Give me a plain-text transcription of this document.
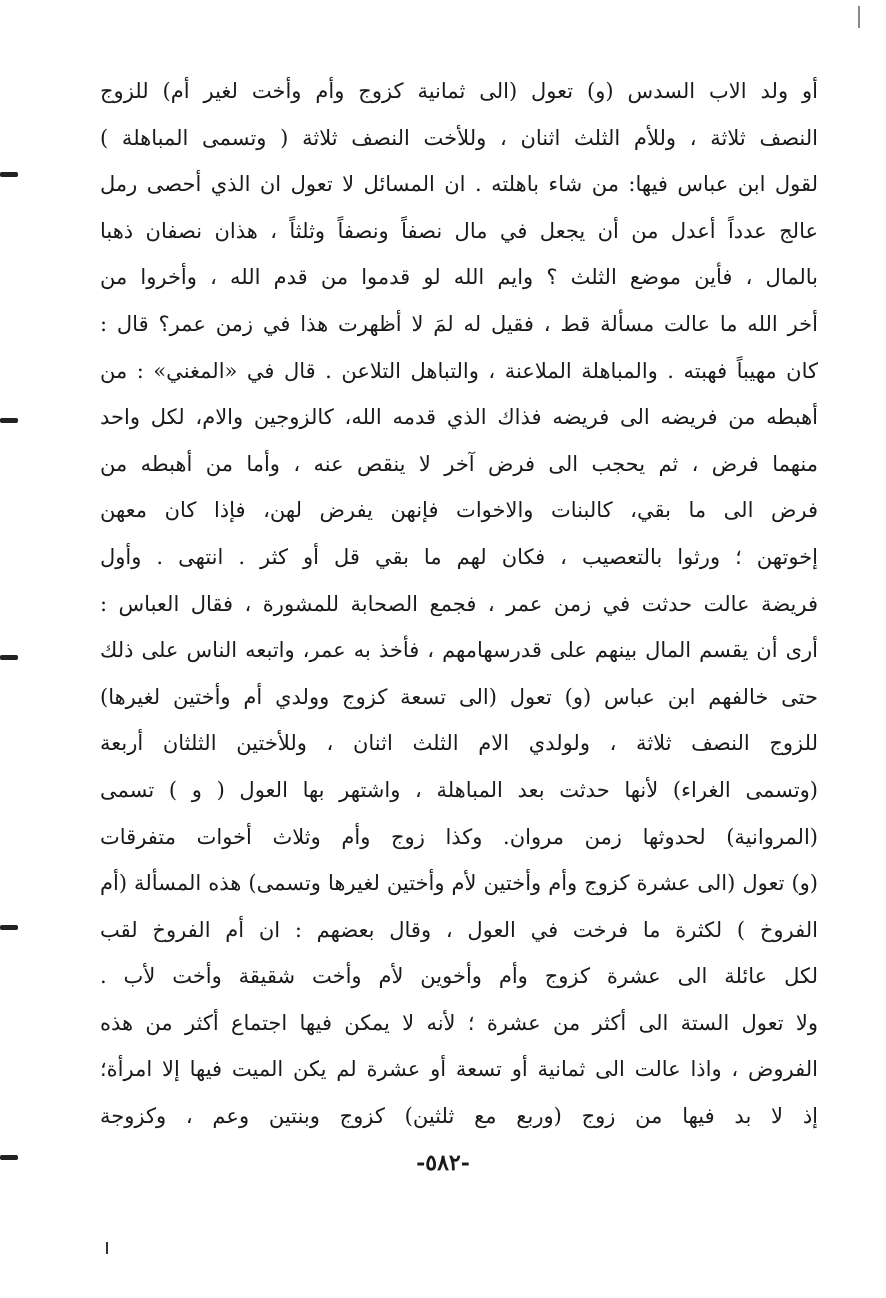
أو ولد الاب السدس (و) تعول (الى ثمانية كزوج وأم وأخت لغير أم) للزوج
النصف ثلاثة ، وللأم الثلث اثنان ، وللأخت النصف ثلاثة ( وتسمى المباهلة )
لقول ابن عباس فيها: من شاء باهلته . ان المسائل لا تعول ان الذي أحصى رمل
عالج عدداً أعدل من أن يجعل في مال نصفاً ونصفاً وثلثاً ، هذان نصفان ذهبا
بالمال ، فأين موضع الثلث ؟ وايم الله لو قدموا من قدم الله ، وأخروا من
أخر الله ما عالت مسألة قط ، فقيل له لمَ لا أظهرت هذا في زمن عمر؟ قال :
كان مهيباً فهبته . والمباهلة الملاعنة ، والتباهل التلاعن . قال في «المغني» : من
أهبطه من فريضه الى فريضه فذاك الذي قدمه الله، كالزوجين والام، لكل واحد
منهما فرض ، ثم يحجب الى فرض آخر لا ينقص عنه ، وأما من أهبطه من
فرض الى ما بقي، كالبنات والاخوات فإنهن يفرض لهن، فإذا كان معهن
إخوتهن ؛ ورثوا بالتعصيب ، فكان لهم ما بقي قل أو كثر . انتهى . وأول
فريضة عالت حدثت في زمن عمر ، فجمع الصحابة للمشورة ، فقال العباس :
أرى أن يقسم المال بينهم على قدرسهامهم ، فأخذ به عمر، واتبعه الناس على ذلك
حتى خالفهم ابن عباس (و) تعول (الى تسعة كزوج وولدي أم وأختين لغيرها)
للزوج النصف ثلاثة ، ولولدي الام الثلث اثنان ، وللأختين الثلثان أربعة
(وتسمى الغراء) لأنها حدثت بعد المباهلة ، واشتهر بها العول ( و ) تسمى
(المروانية) لحدوثها زمن مروان. وكذا زوج وأم وثلاث أخوات متفرقات
(و) تعول (الى عشرة كزوج وأم وأختين لأم وأختين لغيرها وتسمى) هذه المسألة (أم
الفروخ ) لكثرة ما فرخت في العول ، وقال بعضهم : ان أم الفروخ لقب
لكل عائلة الى عشرة كزوج وأم وأخوين لأم وأخت شقيقة وأخت لأب .
ولا تعول الستة الى أكثر من عشرة ؛ لأنه لا يمكن فيها اجتماع أكثر من هذه
الفروض ، واذا عالت الى ثمانية أو تسعة أو عشرة لم يكن الميت فيها إلا امرأة؛
إذ لا بد فيها من زوج (وربع مع ثلثين) كزوج وبنتين وعم ، وكزوجة
-٥٨٢-
